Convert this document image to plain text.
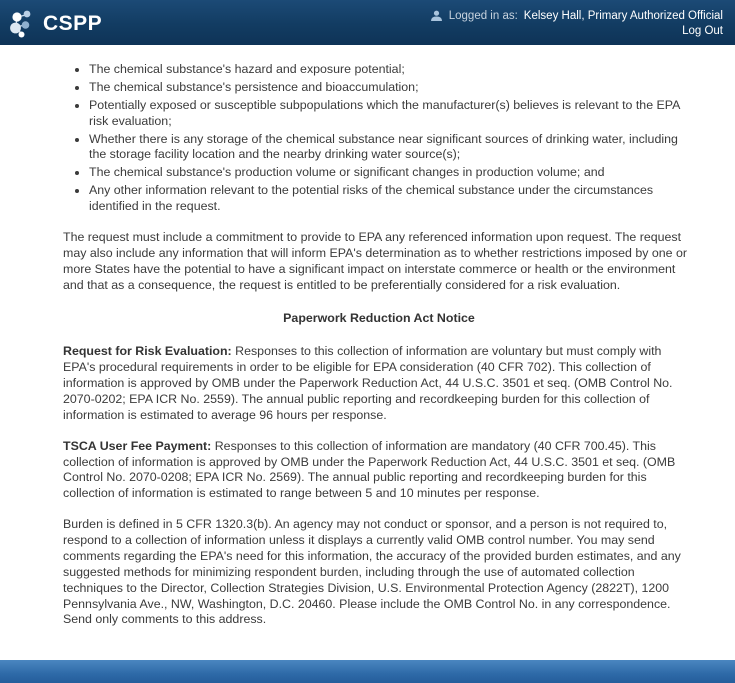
CSPP	Logged in as: Kelsey Hall, Primary Authorized Official
Log Out
• The chemical substance's hazard and exposure potential;
• The chemical substance's persistence and bioaccumulation;
• Potentially exposed or susceptible subpopulations which the manufacturer(s) believes is relevant to the EPA risk evaluation;
• Whether there is any storage of the chemical substance near significant sources of drinking water, including the storage facility location and the nearby drinking water source(s);
• The chemical substance's production volume or significant changes in production volume; and
• Any other information relevant to the potential risks of the chemical substance under the circumstances identified in the request.

The request must include a commitment to provide to EPA any referenced information upon request. The request may also include any information that will inform EPA's determination as to whether restrictions imposed by one or more States have the potential to have a significant impact on interstate commerce or health or the environment and that as a consequence, the request is entitled to be preferentially considered for a risk evaluation.

Paperwork Reduction Act Notice

Request for Risk Evaluation: Responses to this collection of information are voluntary but must comply with EPA's procedural requirements in order to be eligible for EPA consideration (40 CFR 702). This collection of information is approved by OMB under the Paperwork Reduction Act, 44 U.S.C. 3501 et seq. (OMB Control No. 2070-0202; EPA ICR No. 2559). The annual public reporting and recordkeeping burden for this collection of information is estimated to average 96 hours per response.

TSCA User Fee Payment: Responses to this collection of information are mandatory (40 CFR 700.45). This collection of information is approved by OMB under the Paperwork Reduction Act, 44 U.S.C. 3501 et seq. (OMB Control No. 2070-0208; EPA ICR No. 2569). The annual public reporting and recordkeeping burden for this collection of information is estimated to range between 5 and 10 minutes per response.

Burden is defined in 5 CFR 1320.3(b). An agency may not conduct or sponsor, and a person is not required to, respond to a collection of information unless it displays a currently valid OMB control number. You may send comments regarding the EPA's need for this information, the accuracy of the provided burden estimates, and any suggested methods for minimizing respondent burden, including through the use of automated collection techniques to the Director, Collection Strategies Division, U.S. Environmental Protection Agency (2822T), 1200 Pennsylvania Ave., NW, Washington, D.C. 20460. Please include the OMB Control No. in any correspondence. Send only comments to this address.
